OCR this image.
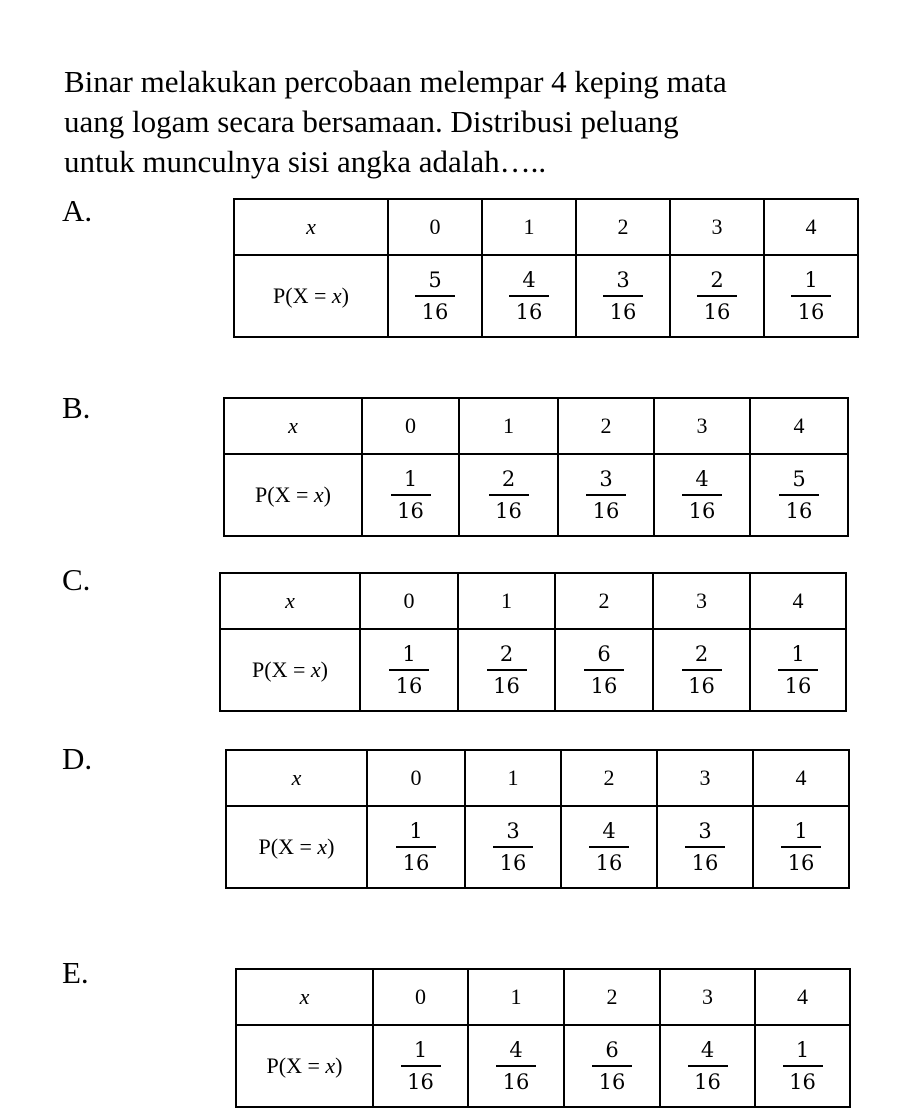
Binar melakukan percobaan melempar 4 keping mata
uang logam secara bersamaan. Distribusi peluang
untuk munculnya sisi angka adalah…..

A.	x	0	1	2	3	4
P(X = x)	$\frac{5}{16}$	$\frac{4}{16}$	$\frac{3}{16}$	$\frac{2}{16}$	$\frac{1}{16}$
B.
x	0	1	2	3	4
P(X = x)	$\frac{1}{16}$	$\frac{2}{16}$	$\frac{3}{16}$	$\frac{4}{16}$	$\frac{5}{16}$
C.
x	0	1	2	3	4
P(X = x)	$\frac{1}{16}$	$\frac{2}{16}$	$\frac{6}{16}$	$\frac{2}{16}$	$\frac{1}{16}$
D.
x	0	1	2	3	4
P(X = x)	$\frac{1}{16}$	$\frac{3}{16}$	$\frac{4}{16}$	$\frac{3}{16}$	$\frac{1}{16}$
E.
x	0	1	2	3	4
P(X = x)	$\frac{1}{16}$	$\frac{4}{16}$	$\frac{6}{16}$	$\frac{4}{16}$	$\frac{1}{16}$
